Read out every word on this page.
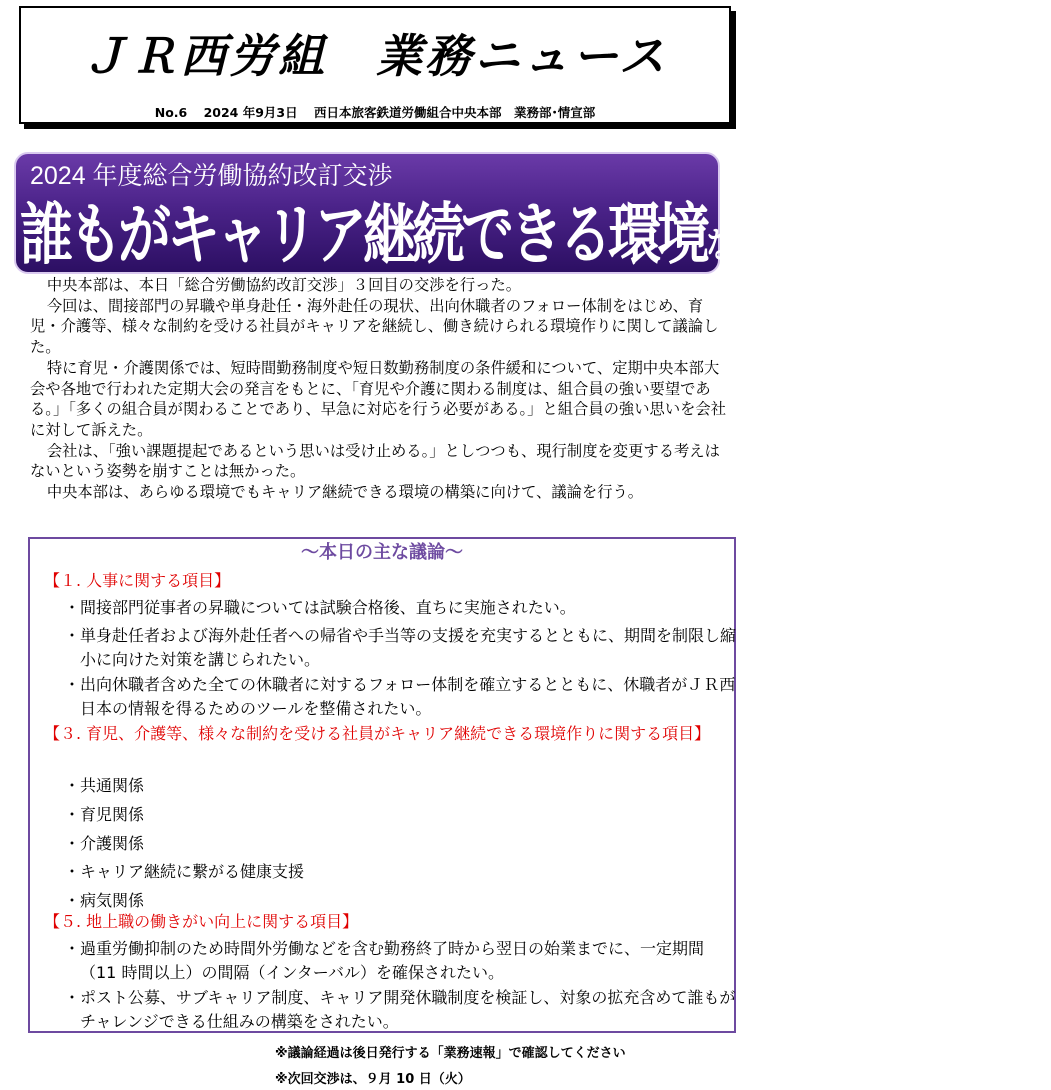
ＪＲ西労組　業務ニュース
No.6 2024 年9月3日 西日本旅客鉄道労働組合中央本部　業務部･情宣部
2024 年度総合労働協約改訂交渉
誰もがキャリア継続できる環境などについて議論

中央本部は、本日「総合労働協約改訂交渉」３回目の交渉を行った。

今回は、間接部門の昇職や単身赴任・海外赴任の現状、出向休職者のフォロー体制をはじめ、育児・介護等、様々な制約を受ける社員がキャリアを継続し、働き続けられる環境作りに関して議論した。

特に育児・介護関係では、短時間勤務制度や短日数勤務制度の条件緩和について、定期中央本部大会や各地で行われた定期大会の発言をもとに、「育児や介護に関わる制度は、組合員の強い要望である。」「多くの組合員が関わることであり、早急に対応を行う必要がある。」と組合員の強い思いを会社に対して訴えた。

会社は、「強い課題提起であるという思いは受け止める。」としつつも、現行制度を変更する考えはないという姿勢を崩すことは無かった。

中央本部は、あらゆる環境でもキャリア継続できる環境の構築に向けて、議論を行う。

～本日の主な議論～
【１. 人事に関する項目】
・ 間接部門従事者の昇職については試験合格後、直ちに実施されたい。
・ 単身赴任者および海外赴任者への帰省や手当等の支援を充実するとともに、期間を制限し縮小に向けた対策を講じられたい。
・ 出向休職者含めた全ての休職者に対するフォロー体制を確立するとともに、休職者がＪＲ西日本の情報を得るためのツールを整備されたい。
【３. 育児、介護等、様々な制約を受ける社員がキャリア継続できる環境作りに関する項目】
・ 共通関係
・ 育児関係
・ 介護関係
・ キャリア継続に繋がる健康支援
・ 病気関係
【５. 地上職の働きがい向上に関する項目】
・ 過重労働抑制のため時間外労働などを含む勤務終了時から翌日の始業までに、一定期間（11 時間以上）の間隔（インターバル）を確保されたい。
・ ポスト公募、サブキャリア制度、キャリア開発休職制度を検証し、対象の拡充含めて誰もがチャレンジできる仕組みの構築をされたい。
※議論経過は後日発行する「業務速報」で確認してください
※次回交渉は、９月 10 日（火）
